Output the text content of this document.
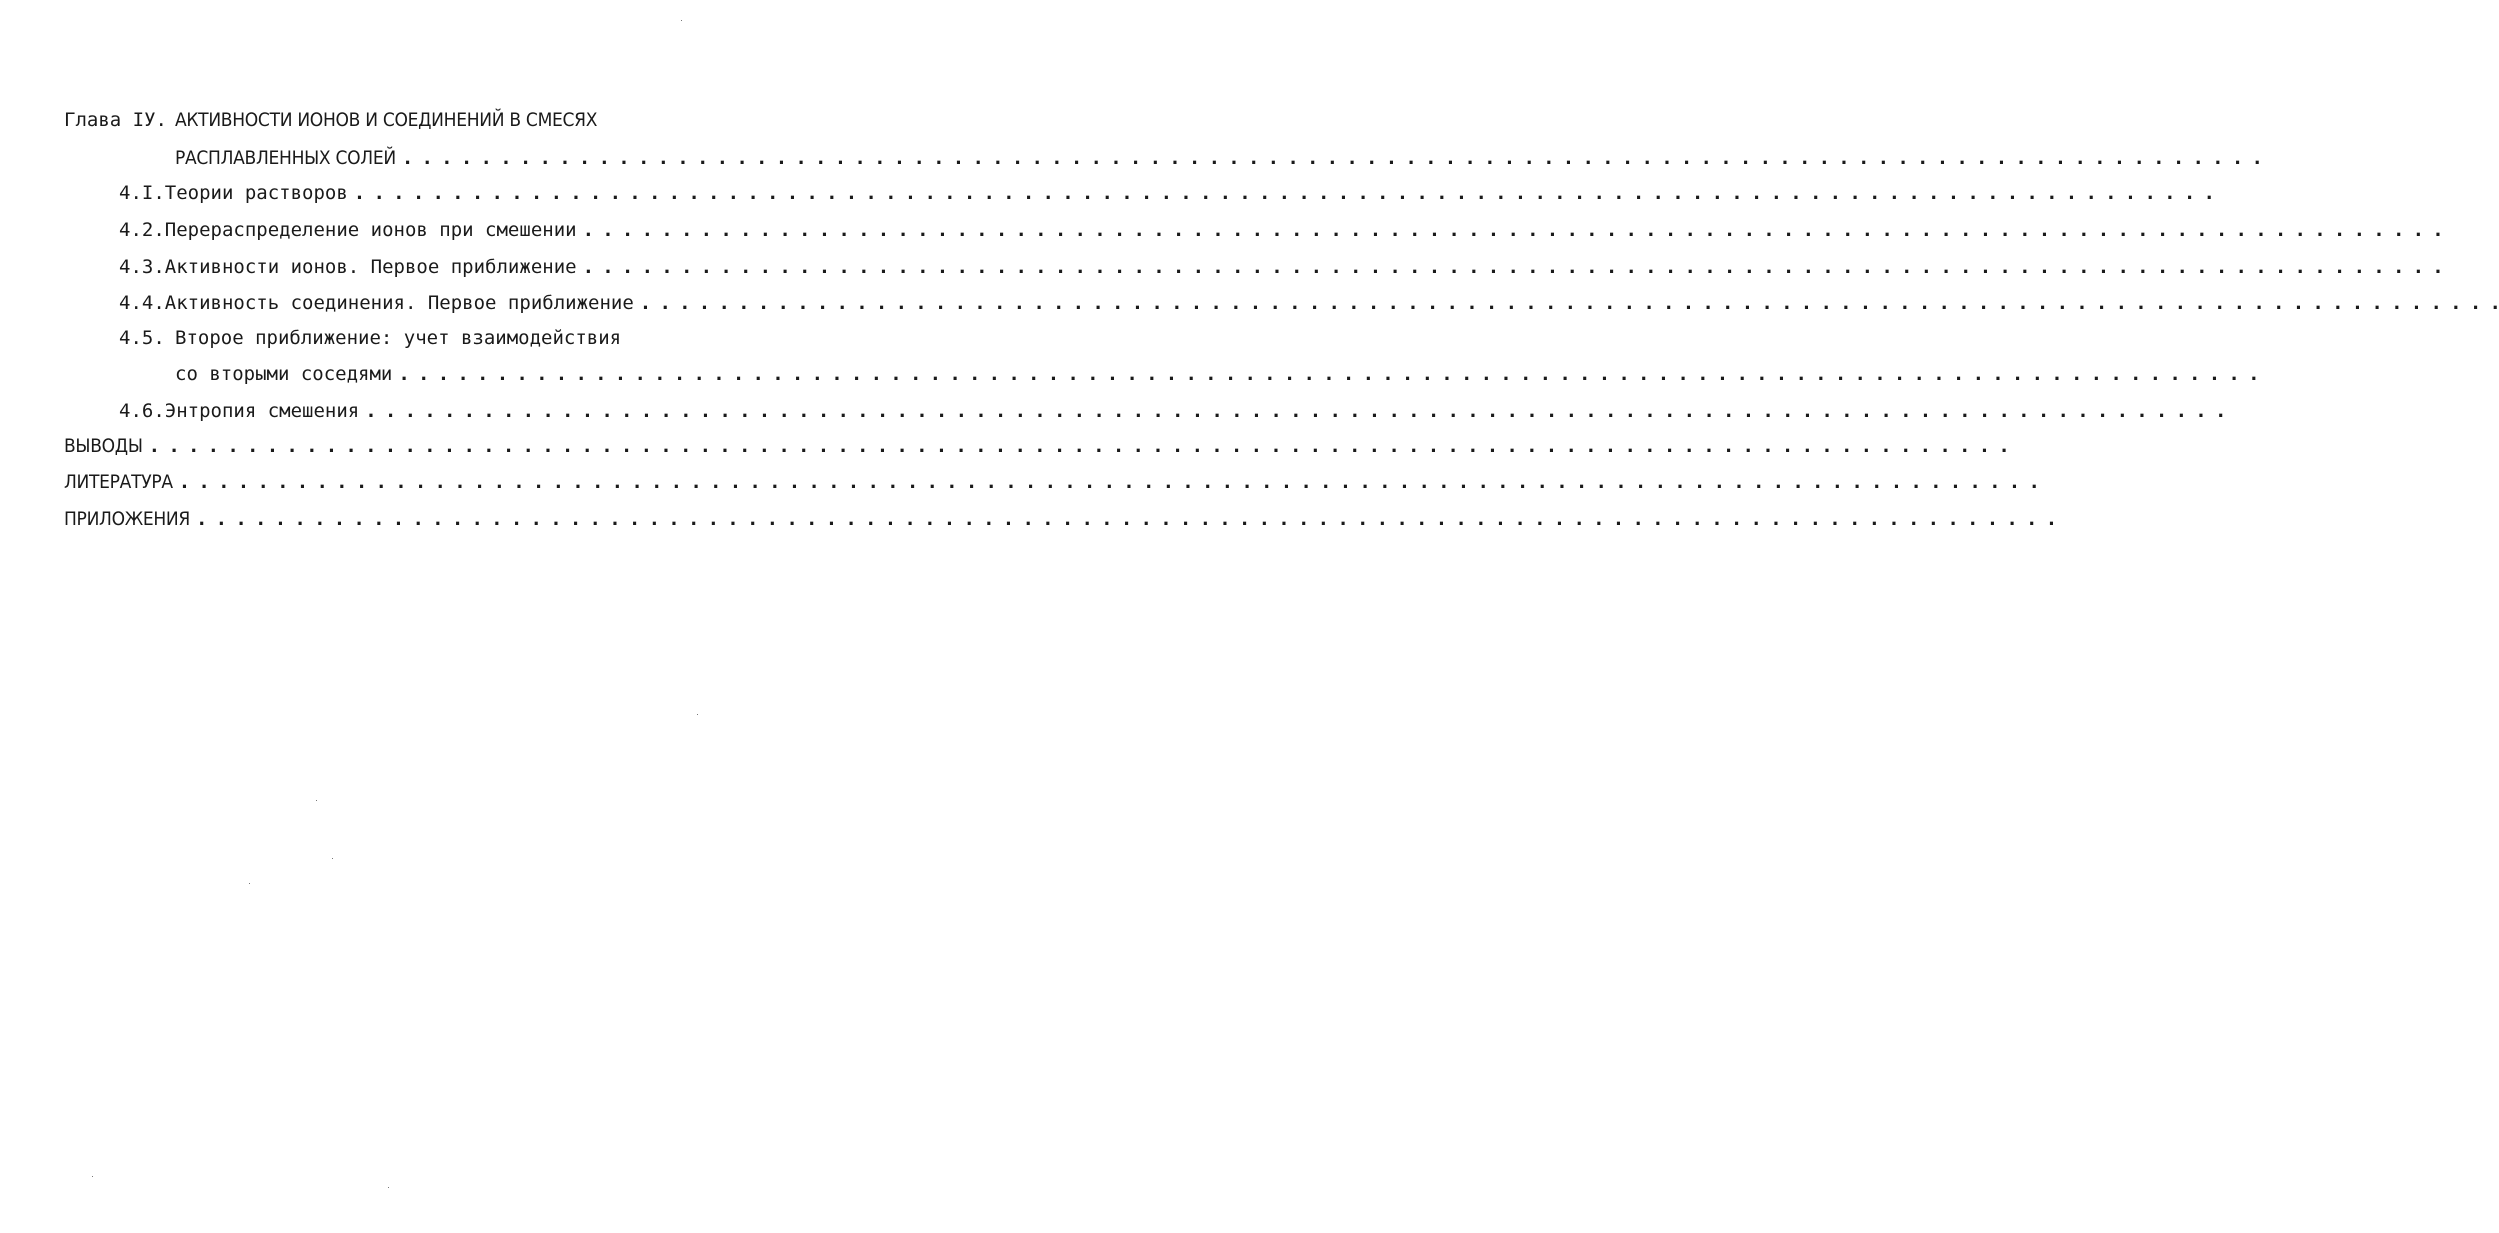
Глава IУ. АКТИВНОСТИ ИОНОВ И СОЕДИНЕНИЙ В СМЕСЯХ
РАСПЛАВЛЕННЫХ СОЛЕЙ
. . .
4.I. Теории растворов
. . .
4.2. Перераспределение ионов при смешении
. . .
4.3. Активности ионов. Первое приближение
. . .
4.4. Активность соединения. Первое приближение
. . .
4.5. Второе приближение: учет взаимодействия
со вторыми соседями
. . .
4.6. Энтропия смешения
. . .
ВЫВОДЫ
. . .
ЛИТЕРАТУРА
. . .
ПРИЛОЖЕНИЯ
. . .
